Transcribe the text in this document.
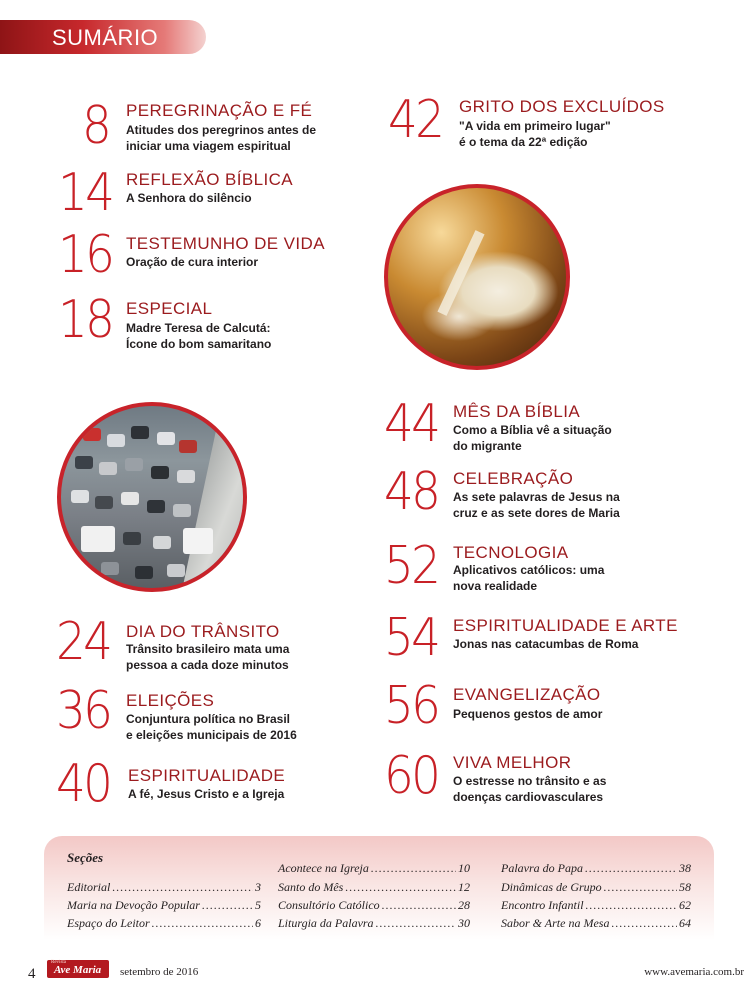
SUMÁRIO
8 PEREGRINAÇÃO E FÉ
Atitudes dos peregrinos antes de
iniciar uma viagem espiritual
14 REFLEXÃO BÍBLICA
A Senhora do silêncio
16 TESTEMUNHO DE VIDA
Oração de cura interior
18 ESPECIAL
Madre Teresa de Calcutá:
Ícone do bom samaritano
24 DIA DO TRÂNSITO
Trânsito brasileiro mata uma
pessoa a cada doze minutos
36 ELEIÇÕES
Conjuntura política no Brasil
e eleições municipais de 2016
40 ESPIRITUALIDADE
A fé, Jesus Cristo e a Igreja
42 GRITO DOS EXCLUÍDOS
"A vida em primeiro lugar"
é o tema da 22ª edição
44 MÊS DA BÍBLIA
Como a Bíblia vê a situação
do migrante
48 CELEBRAÇÃO
As sete palavras de Jesus na
cruz e as sete dores de Maria
52 TECNOLOGIA
Aplicativos católicos: uma
nova realidade
54 ESPIRITUALIDADE E ARTE
Jonas nas catacumbas de Roma
56 EVANGELIZAÇÃO
Pequenos gestos de amor
60 VIVA MELHOR
O estresse no trânsito e as
doenças cardiovasculares
Seções
Editorial .....	3
Maria na Devoção Popular .....	5
Espaço do Leitor .....	6
Acontece na Igreja .....	10
Santo do Mês .....	12
Consultório Católico .....	28
Liturgia da Palavra .....	30
Palavra do Papa .....	38
Dinâmicas de Grupo .....	58
Encontro Infantil .....	62
Sabor & Arte na Mesa .....	64
4
Revista
Ave Maria setembro de 2016	www.avemaria.com.br
